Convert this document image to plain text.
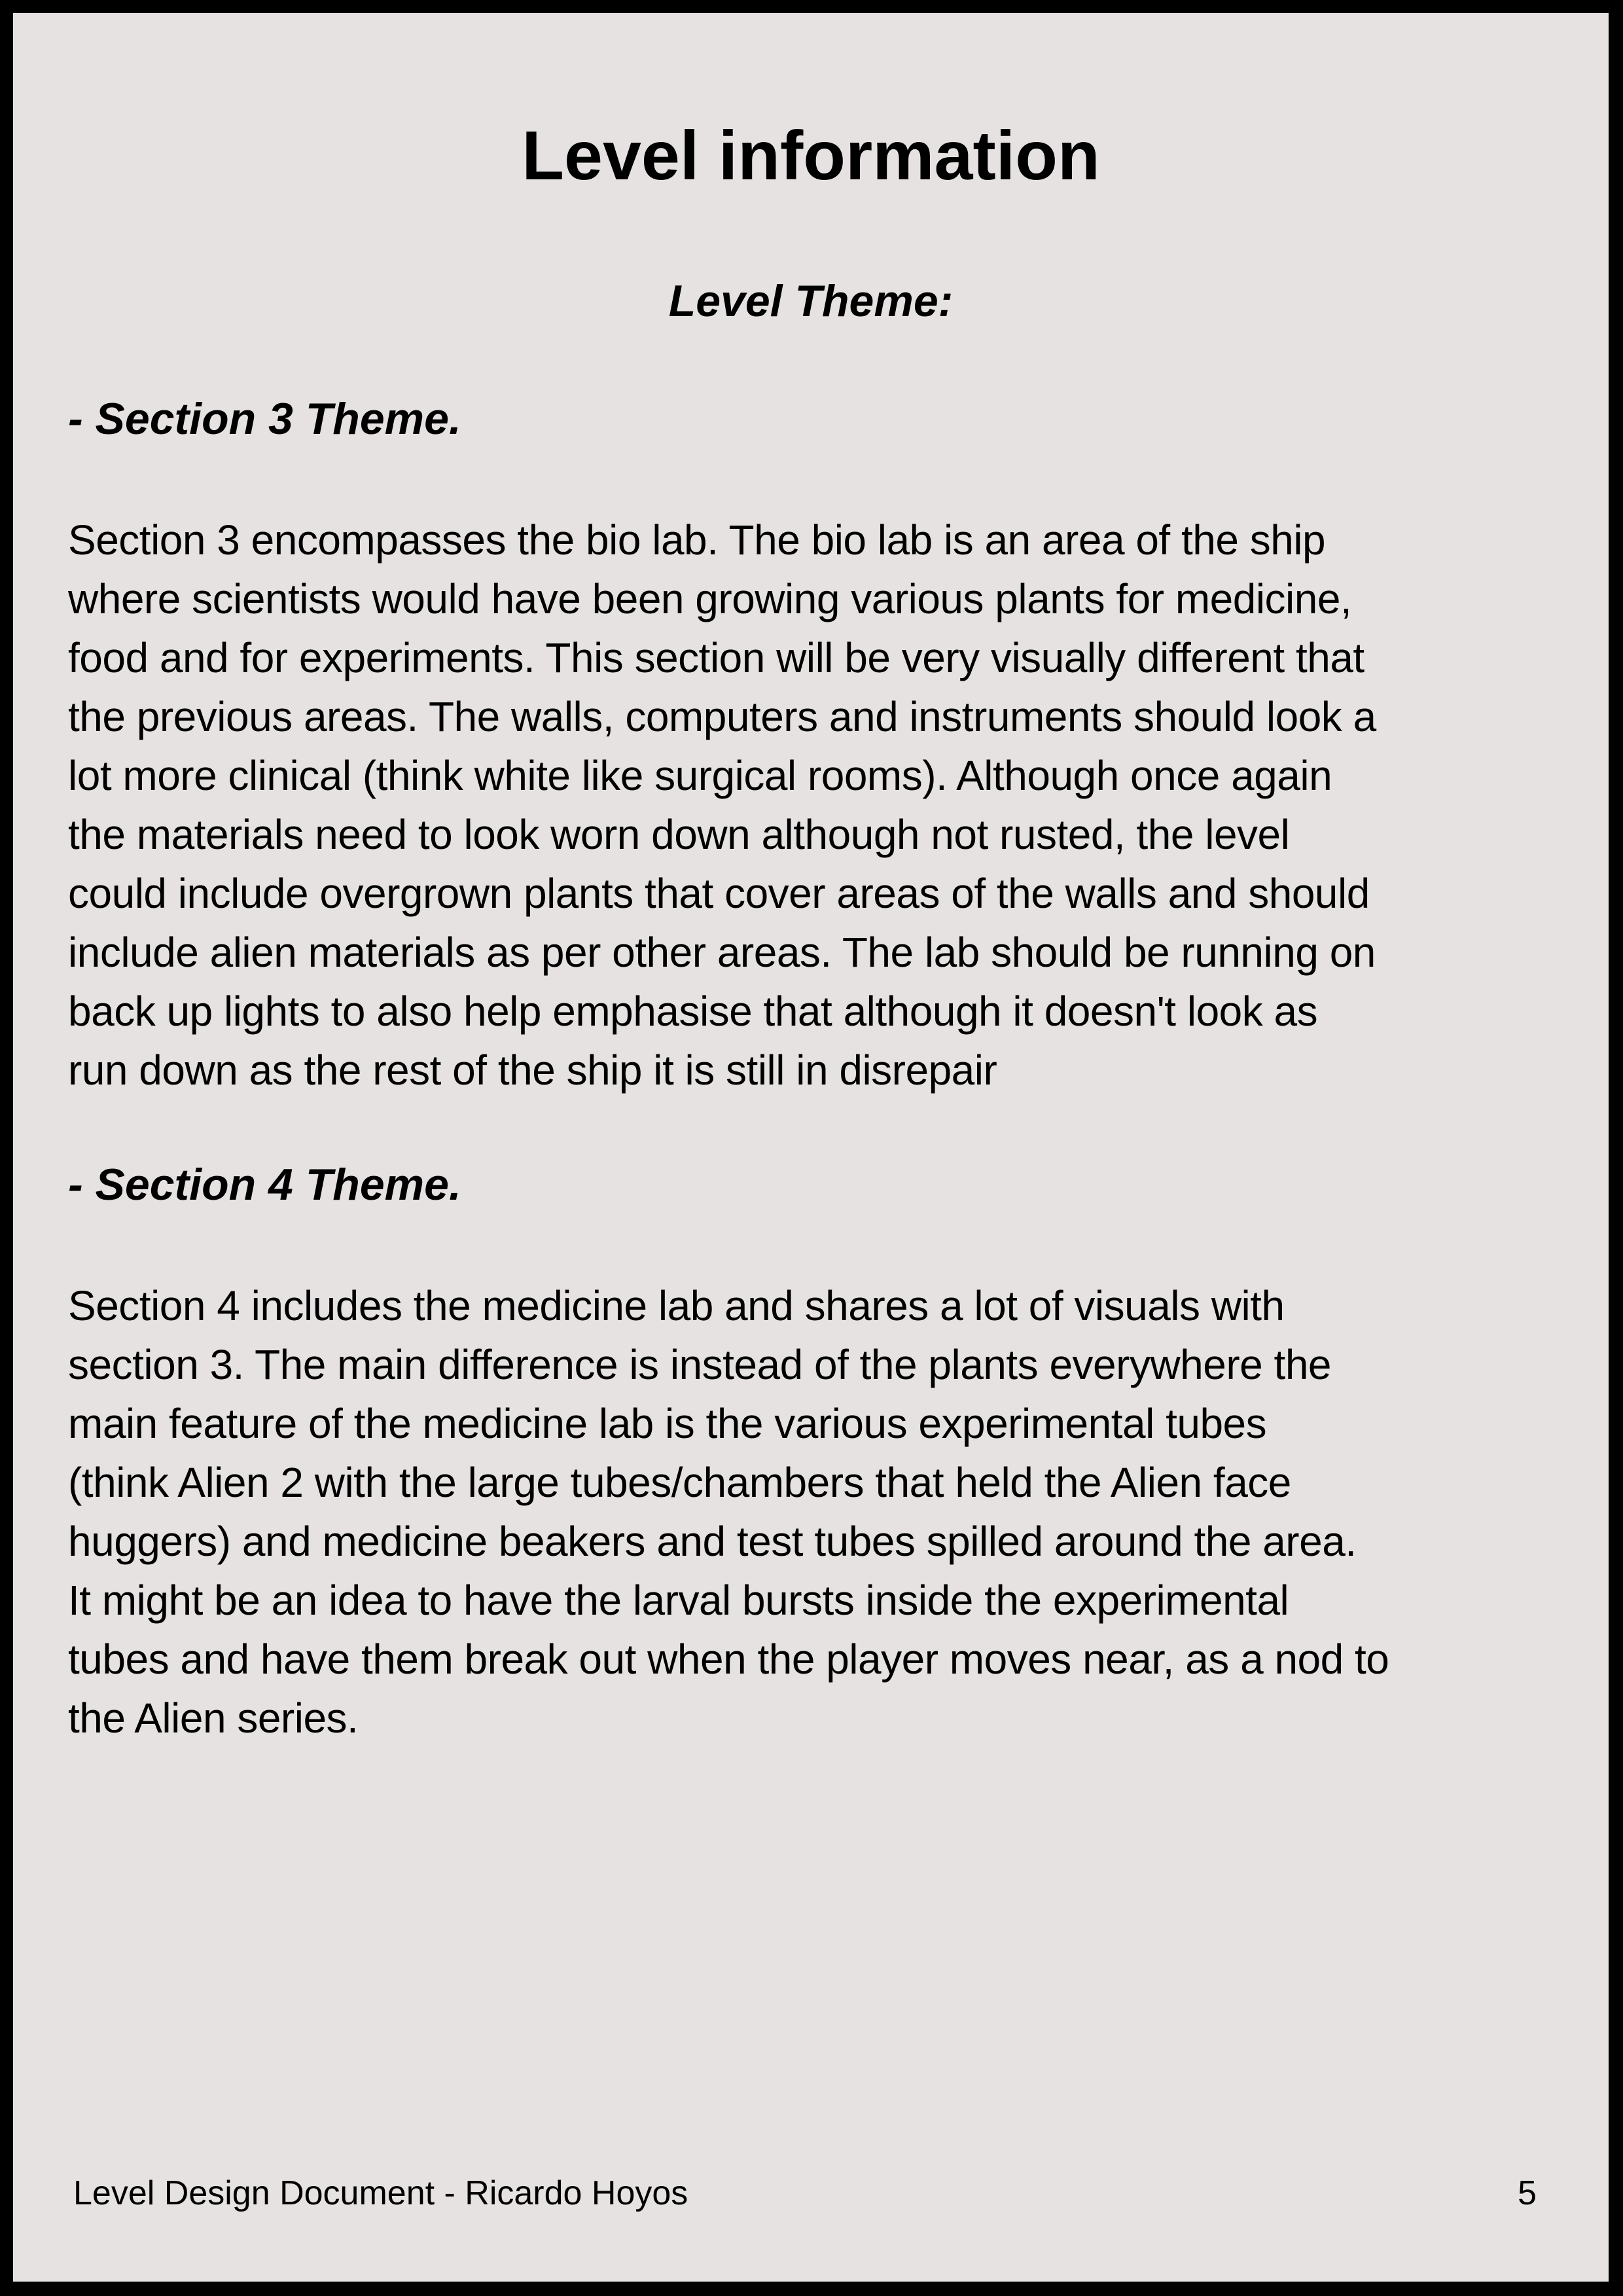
Level information
Level Theme:
- Section 3 Theme.

Section 3 encompasses the bio lab. The bio lab is an area of the ship
where scientists would have been growing various plants for medicine,
food and for experiments. This section will be very visually different that
the previous areas. The walls, computers and instruments should look a
lot more clinical (think white like surgical rooms). Although once again
the materials need to look worn down although not rusted, the level
could include overgrown plants that cover areas of the walls and should
include alien materials as per other areas. The lab should be running on
back up lights to also help emphasise that although it doesn't look as
run down as the rest of the ship it is still in disrepair

- Section 4 Theme.

Section 4 includes the medicine lab and shares a lot of visuals with
section 3. The main difference is instead of the plants everywhere the
main feature of the medicine lab is the various experimental tubes
(think Alien 2 with the large tubes/chambers that held the Alien face
huggers) and medicine beakers and test tubes spilled around the area.
It might be an idea to have the larval bursts inside the experimental
tubes and have them break out when the player moves near, as a nod to
the Alien series.

Level Design Document - Ricardo Hoyos	5
